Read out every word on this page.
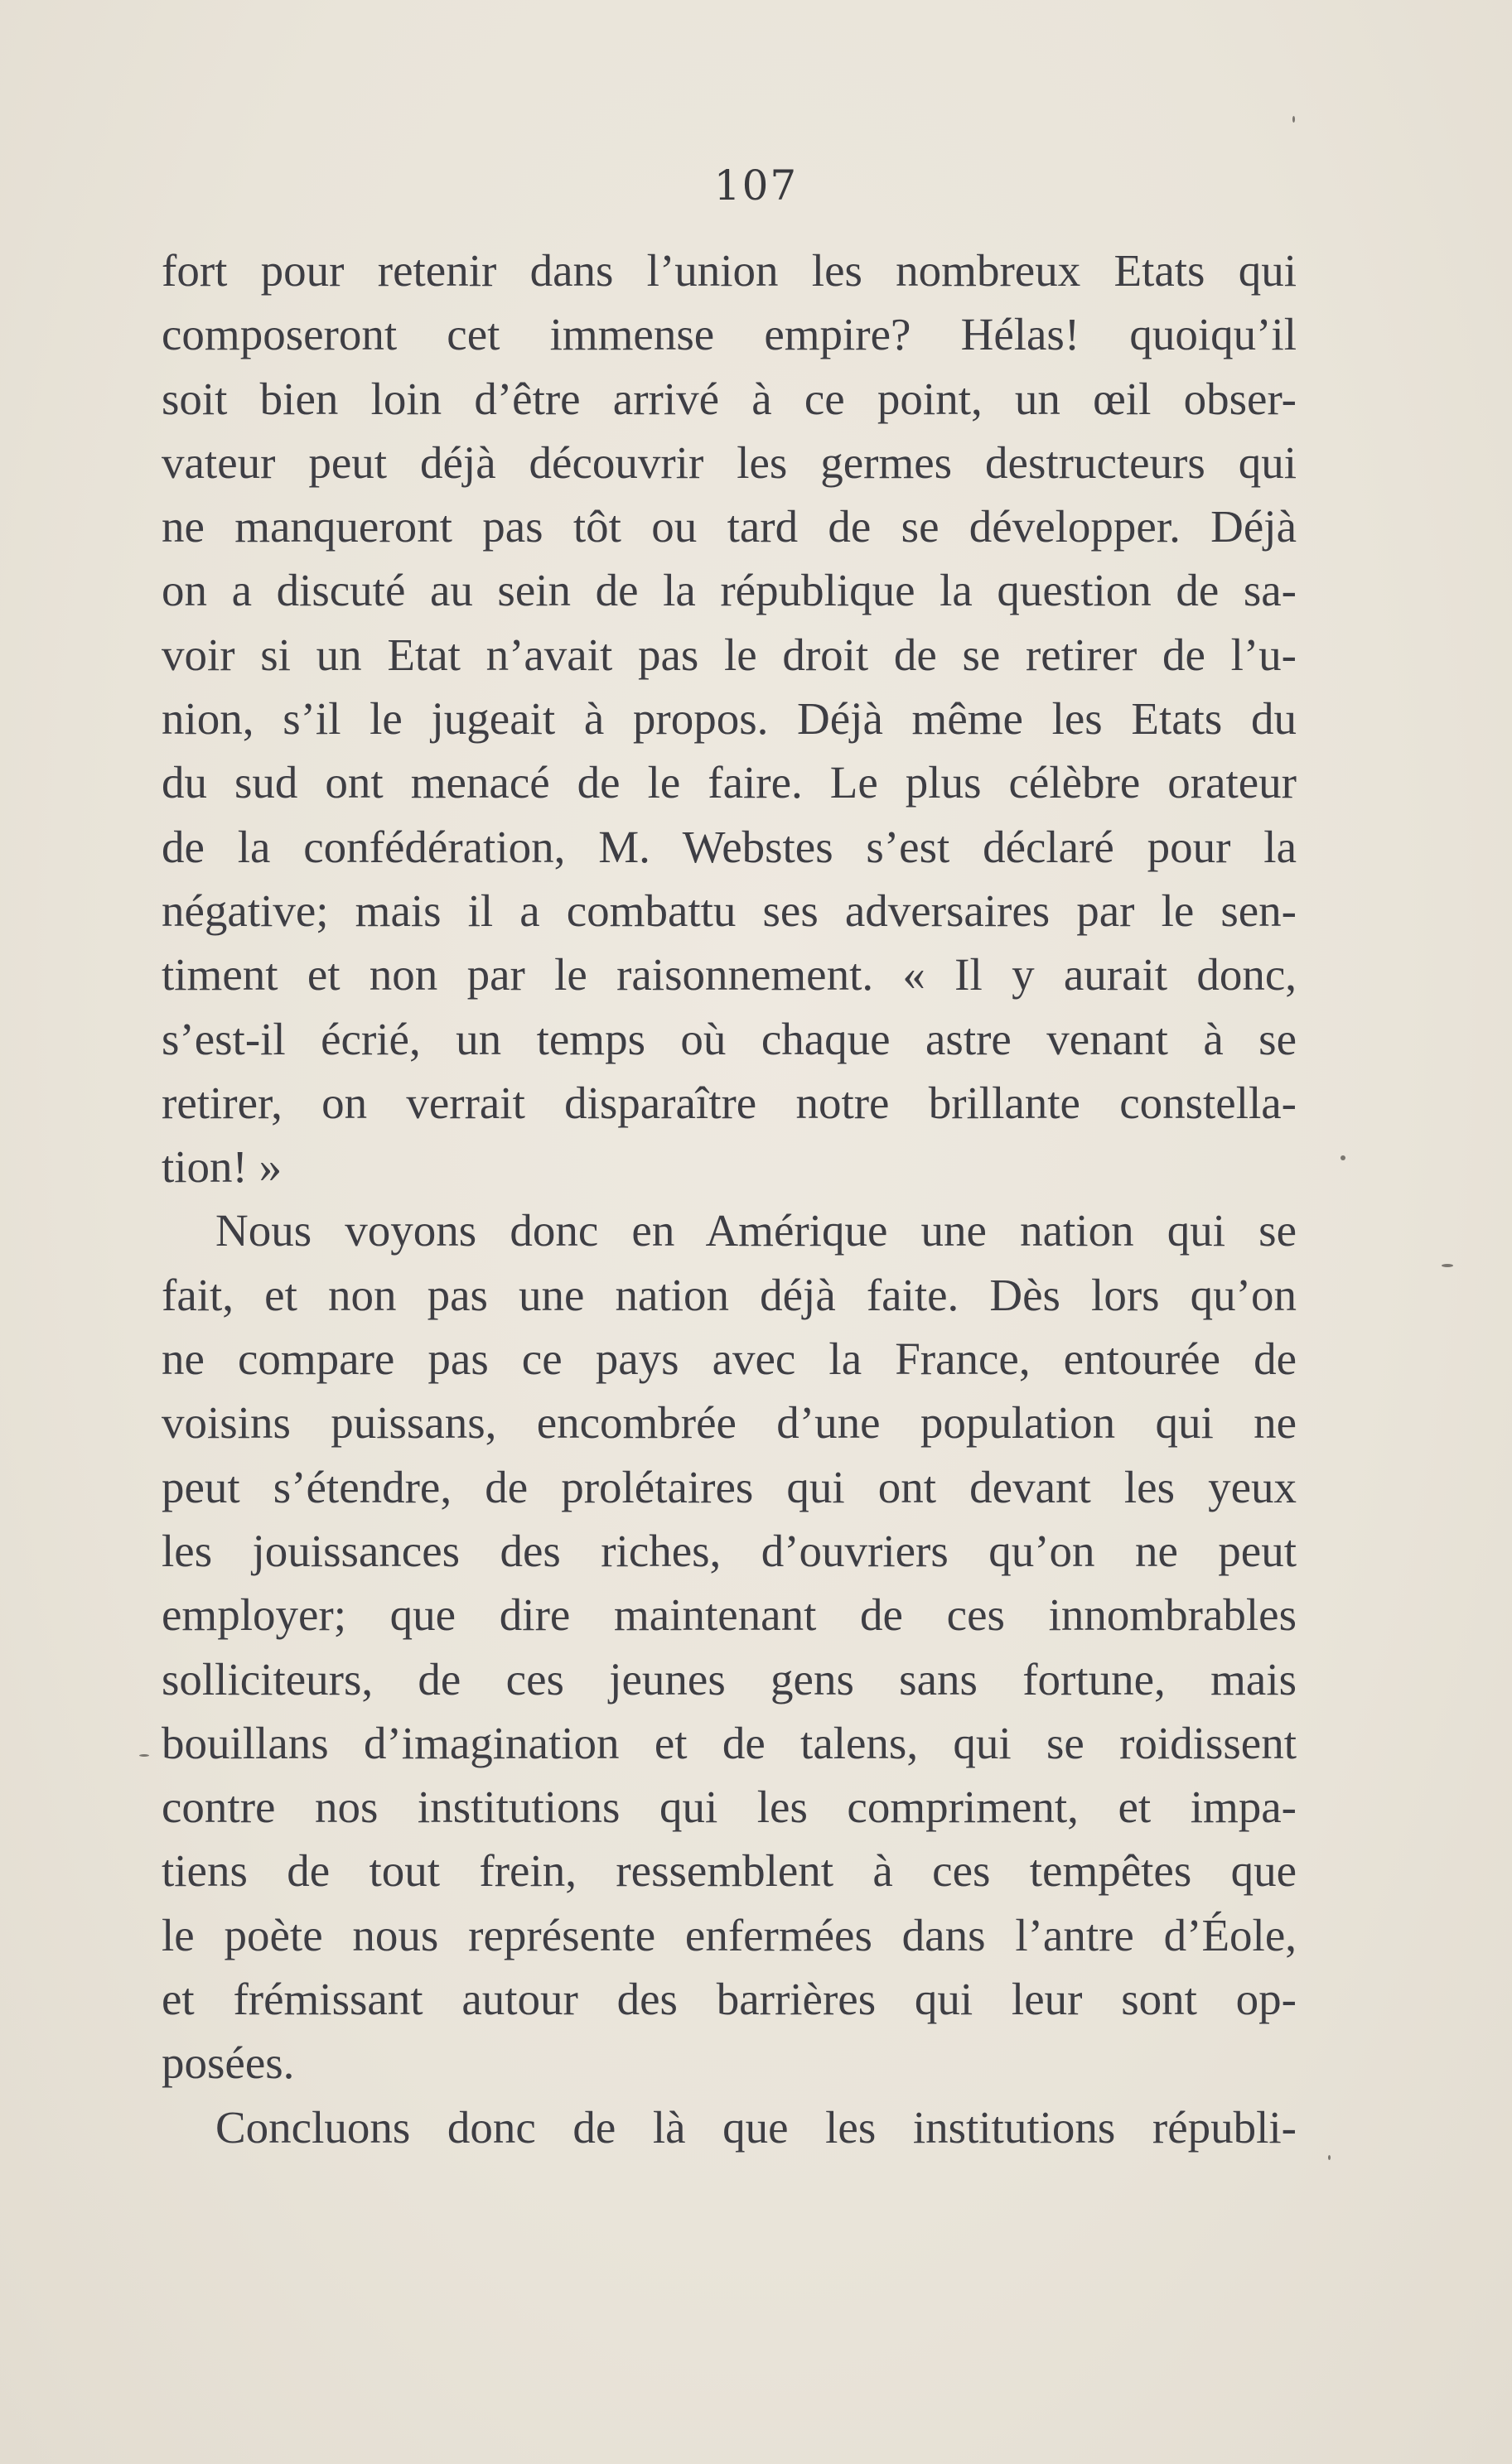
107
fort pour retenir dans l’union les nombreux Etats qui
composeront cet immense empire? Hélas! quoiqu’il
soit bien loin d’être arrivé à ce point, un œil obser-
vateur peut déjà découvrir les germes destructeurs qui
ne manqueront pas tôt ou tard de se développer. Déjà
on a discuté au sein de la république la question de sa-
voir si un Etat n’avait pas le droit de se retirer de l’u-
nion, s’il le jugeait à propos. Déjà même les Etats du
du sud ont menacé de le faire. Le plus célèbre orateur
de la confédération, M. Webstes s’est déclaré pour la
négative; mais il a combattu ses adversaires par le sen-
timent et non par le raisonnement. « Il y aurait donc,
s’est-il écrié, un temps où chaque astre venant à se
retirer, on verrait disparaître notre brillante constella-
tion! »
Nous voyons donc en Amérique une nation qui se
fait, et non pas une nation déjà faite. Dès lors qu’on
ne compare pas ce pays avec la France, entourée de
voisins puissans, encombrée d’une population qui ne
peut s’étendre, de prolétaires qui ont devant les yeux
les jouissances des riches, d’ouvriers qu’on ne peut
employer; que dire maintenant de ces innombrables
solliciteurs, de ces jeunes gens sans fortune, mais
bouillans d’imagination et de talens, qui se roidissent
contre nos institutions qui les compriment, et impa-
tiens de tout frein, ressemblent à ces tempêtes que
le poète nous représente enfermées dans l’antre d’Éole,
et frémissant autour des barrières qui leur sont op-
posées.
Concluons donc de là que les institutions républi-
